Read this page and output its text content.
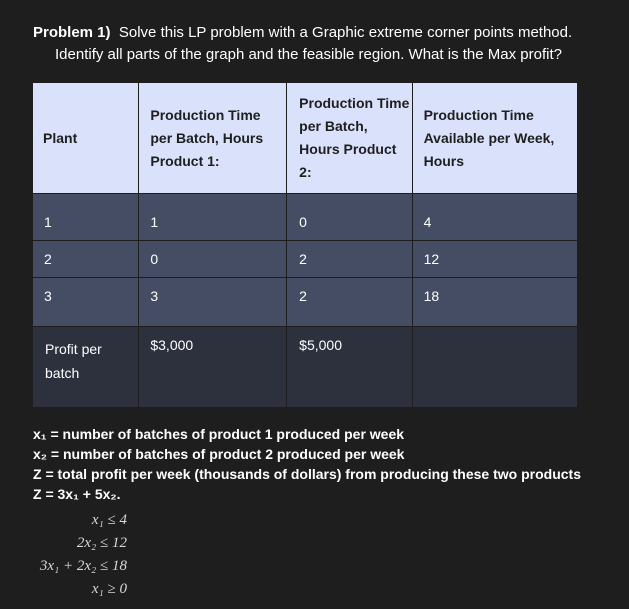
Problem 1) Solve this LP problem with a Graphic extreme corner points method.
Identify all parts of the graph and the feasible region. What is the Max profit?
Plant	Production Time per Batch, Hours Product 1:	Production Time per Batch, Hours Product 2:	Production Time Available per Week, Hours
1	1	0	4
2	0	2	12
3	3	2	18
Profit per batch	$3,000	$5,000	
x₁ = number of batches of product 1 produced per week
x₂ = number of batches of product 2 produced per week
Z = total profit per week (thousands of dollars) from producing these two products
Z = 3x₁ + 5x₂.
x₁ ≤ 4
2x₂ ≤ 12
3x₁ + 2x₂ ≤ 18
x₁ ≥ 0
